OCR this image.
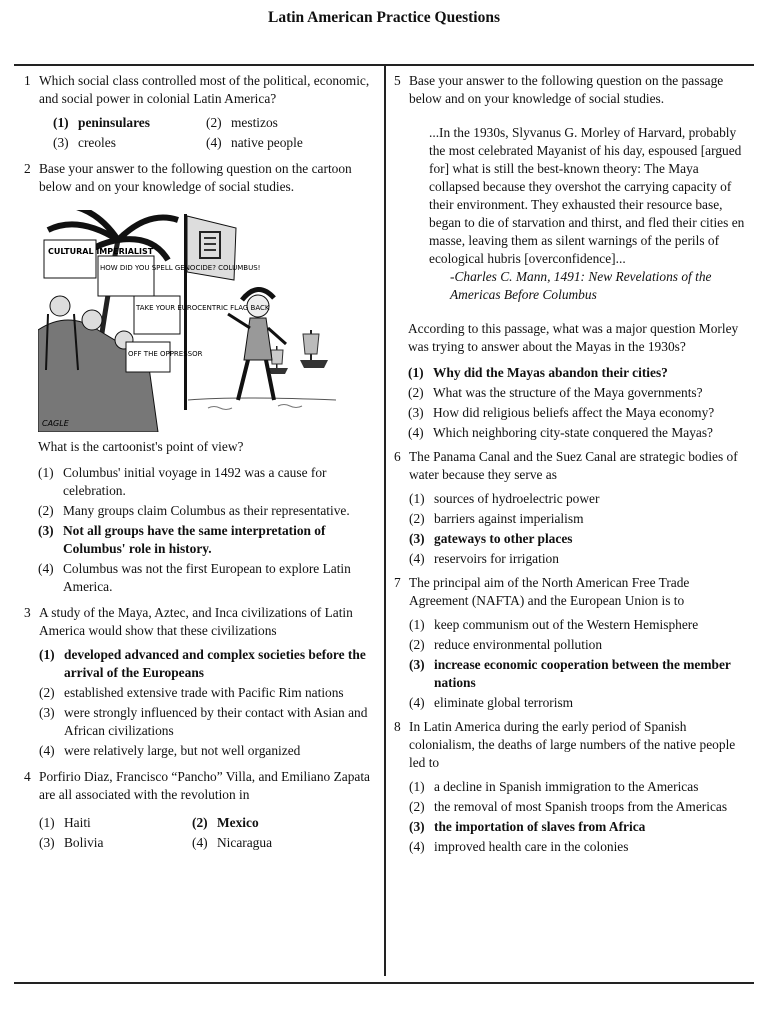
Latin American Practice Questions
1 Which social class controlled most of the political, economic, and social power in colonial Latin America?
(1) peninsulares	(2) mestizos
(3) creoles	(4) native people
2 Base your answer to the following question on the cartoon below and on your knowledge of social studies.
CULTURAL IMPERIALIST
HOW DID YOU SPELL GENOCIDE? COLUMBUS!
TAKE YOUR EUROCENTRIC FLAG BACK
OFF THE OPPRESSOR
CAGLE
What is the cartoonist's point of view?
(1) Columbus' initial voyage in 1492 was a cause for celebration.
(2) Many groups claim Columbus as their representative.
(3) Not all groups have the same interpretation of Columbus' role in history.
(4) Columbus was not the first European to explore Latin America.
3 A study of the Maya, Aztec, and Inca civilizations of Latin America would show that these civilizations
(1) developed advanced and complex societies before the arrival of the Europeans
(2) established extensive trade with Pacific Rim nations
(3) were strongly influenced by their contact with Asian and African civilizations
(4) were relatively large, but not well organized
4 Porfirio Diaz, Francisco “Pancho” Villa, and Emiliano Zapata are all associated with the revolution in
(1) Haiti	(2) Mexico
(3) Bolivia	(4) Nicaragua
5 Base your answer to the following question on the passage below and on your knowledge of social studies.
...In the 1930s, Slyvanus G. Morley of Harvard, probably the most celebrated Mayanist of his day, espoused [argued for] what is still the best-known theory: The Maya collapsed because they overshot the carrying capacity of their environment. They exhausted their resource base, began to die of starvation and thirst, and fled their cities en masse, leaving them as silent warnings of the perils of ecological hubris [overconfidence]...
-Charles C. Mann, 1491: New Revelations of the Americas Before Columbus
According to this passage, what was a major question Morley was trying to answer about the Mayas in the 1930s?
(1) Why did the Mayas abandon their cities?
(2) What was the structure of the Maya governments?
(3) How did religious beliefs affect the Maya economy?
(4) Which neighboring city-state conquered the Mayas?
6 The Panama Canal and the Suez Canal are strategic bodies of water because they serve as
(1) sources of hydroelectric power
(2) barriers against imperialism
(3) gateways to other places
(4) reservoirs for irrigation
7 The principal aim of the North American Free Trade Agreement (NAFTA) and the European Union is to
(1) keep communism out of the Western Hemisphere
(2) reduce environmental pollution
(3) increase economic cooperation between the member nations
(4) eliminate global terrorism
8 In Latin America during the early period of Spanish colonialism, the deaths of large numbers of the native people led to
(1) a decline in Spanish immigration to the Americas
(2) the removal of most Spanish troops from the Americas
(3) the importation of slaves from Africa
(4) improved health care in the colonies
